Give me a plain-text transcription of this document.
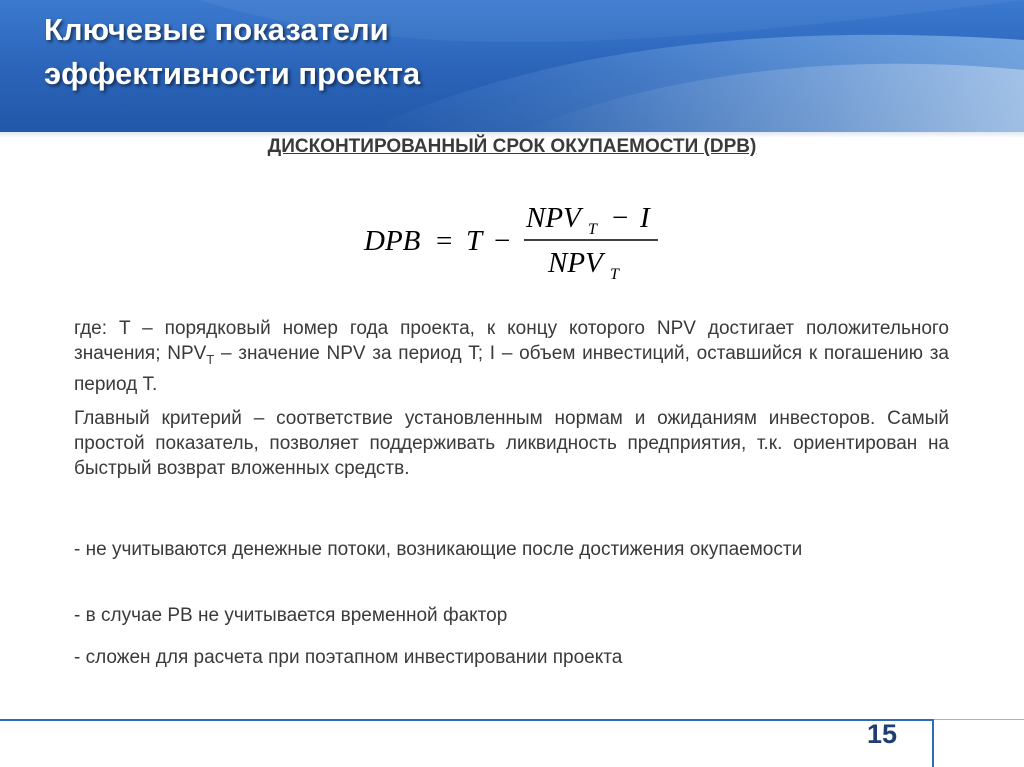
Ключевые показатели
эффективности проекта

ДИСКОНТИРОВАННЫЙ СРОК ОКУПАЕМОСТИ (DPB)

DPB = T −
NPV T − I
NPV T

где: T – порядковый номер года проекта, к концу которого NPV достигает положительного значения; $NPV_T$ – значение NPV за период T; I – объем инвестиций, оставшийся к погашению за период T.

Главный критерий – соответствие установленным нормам и ожиданиям инвесторов. Самый простой показатель, позволяет поддерживать ликвидность предприятия, т.к. ориентирован на быстрый возврат вложенных средств.

- не учитываются денежные потоки, возникающие после достижения окупаемости

- в случае PB не учитывается временной фактор

- сложен для расчета при поэтапном инвестировании проекта

15
